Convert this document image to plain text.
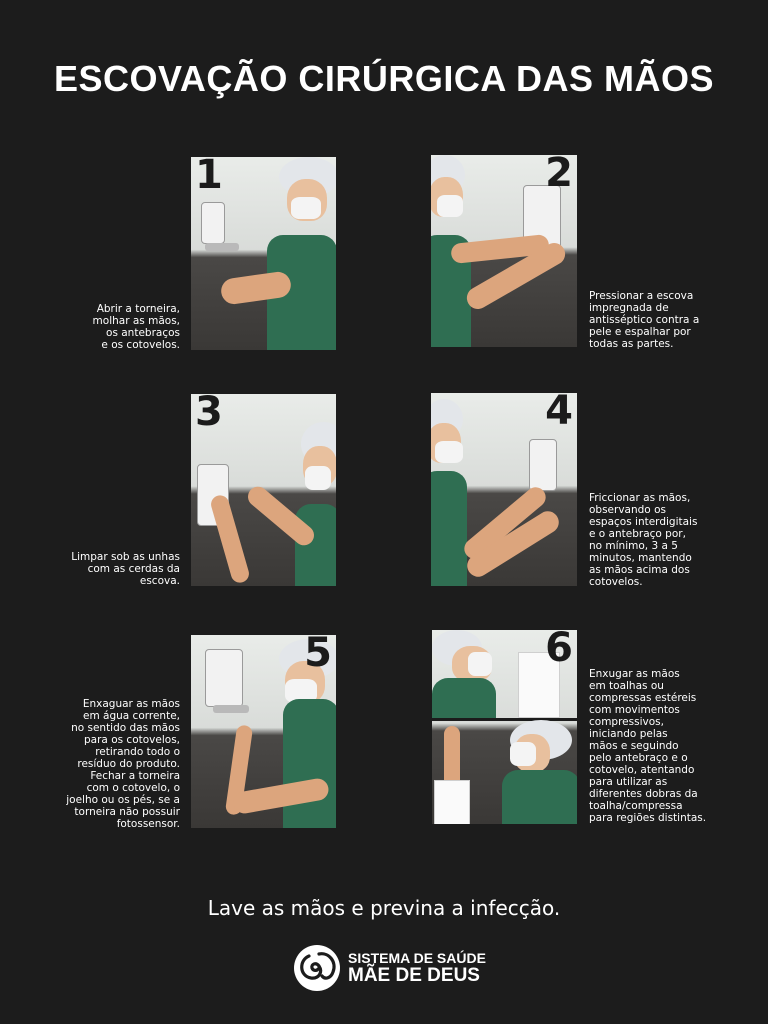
ESCOVAÇÃO CIRÚRGICA DAS MÃOS
1
Abrir a torneira,
molhar as mãos,
os antebraços
e os cotovelos.
2
Pressionar a escova
impregnada de
antisséptico contra a
pele e espalhar por
todas as partes.
3
Limpar sob as unhas
com as cerdas da
escova.
4
Friccionar as mãos,
observando os
espaços interdigitais
e o antebraço por,
no mínimo, 3 a 5
minutos, mantendo
as mãos acima dos
cotovelos.
5
Enxaguar as mãos
em água corrente,
no sentido das mãos
para os cotovelos,
retirando todo o
resíduo do produto.
Fechar a torneira
com o cotovelo, o
joelho ou os pés, se a
torneira não possuir
fotossensor.
6
Enxugar as mãos
em toalhas ou
compressas estéreis
com movimentos
compressivos,
iniciando pelas
mãos e seguindo
pelo antebraço e o
cotovelo, atentando
para utilizar as
diferentes dobras da
toalha/compressa
para regiões distintas.
Lave as mãos e previna a infecção.
SISTEMA DE SAÚDE
MÃE DE DEUS
